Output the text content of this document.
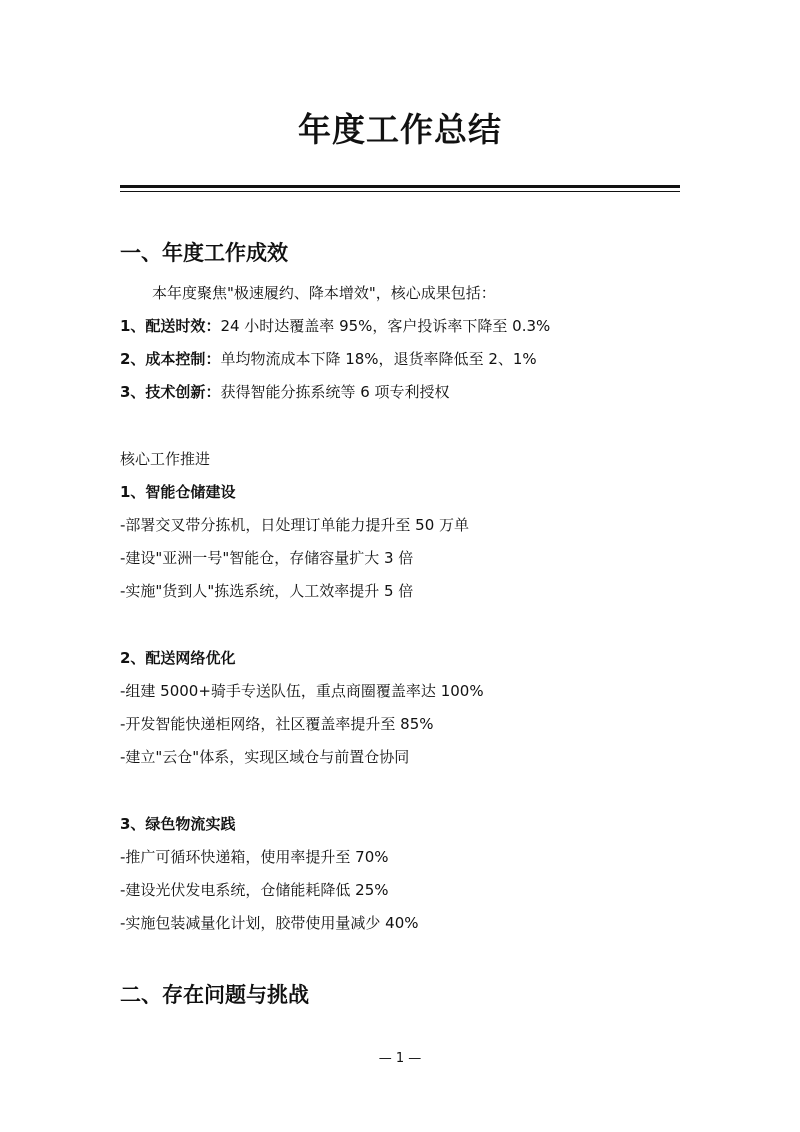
年度工作总结
一、年度工作成效
本年度聚焦"极速履约、降本增效"，核心成果包括：
1、配送时效：24 小时达覆盖率 95%，客户投诉率下降至 0.3%
2、成本控制：单均物流成本下降 18%，退货率降低至 2、1%
3、技术创新：获得智能分拣系统等 6 项专利授权
核心工作推进
1、智能仓储建设
-部署交叉带分拣机，日处理订单能力提升至 50 万单
-建设"亚洲一号"智能仓，存储容量扩大 3 倍
-实施"货到人"拣选系统，人工效率提升 5 倍
2、配送网络优化
-组建 5000+骑手专送队伍，重点商圈覆盖率达 100%
-开发智能快递柜网络，社区覆盖率提升至 85%
-建立"云仓"体系，实现区域仓与前置仓协同
3、绿色物流实践
-推广可循环快递箱，使用率提升至 70%
-建设光伏发电系统，仓储能耗降低 25%
-实施包装减量化计划，胶带使用量减少 40%
二、存在问题与挑战
— 1 —
